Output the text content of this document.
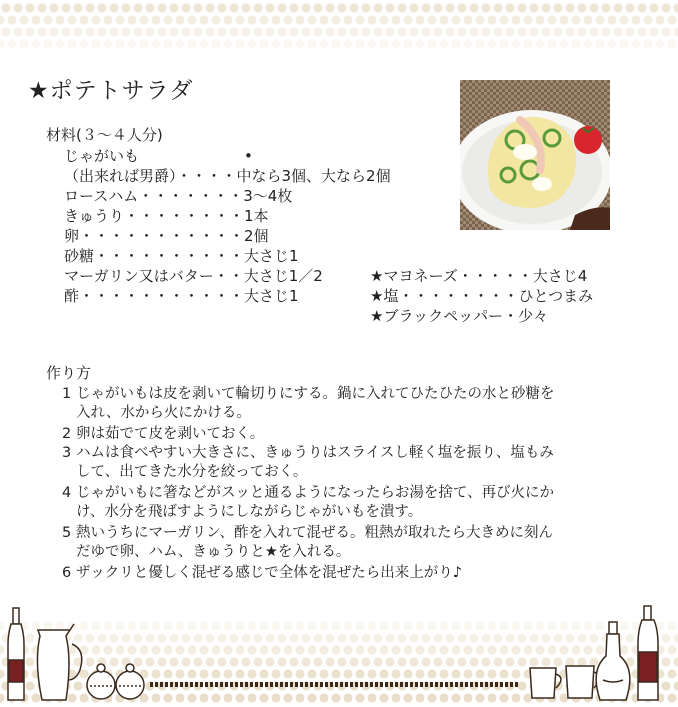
★ポテトサラダ
材料(３～４人分)
じゃがいも　　　　　　　•
（出来れば男爵）・・・・中なら3個、大なら2個
ロースハム・・・・・・・3～4枚
きゅうり・・・・・・・・1本
卵・・・・・・・・・・・2個
砂糖・・・・・・・・・・大さじ1
マーガリン又はバター・・大さじ1／2
酢・・・・・・・・・・・大さじ1
★マヨネーズ・・・・・大さじ4
★塩・・・・・・・・ひとつまみ
★ブラックペッパー・少々
作り方
1 じゃがいもは皮を剥いて輪切りにする。鍋に入れてひたひたの水と砂糖を
入れ、水から火にかける。
2 卵は茹でて皮を剥いておく。
3 ハムは食べやすい大きさに、きゅうりはスライスし軽く塩を振り、塩もみ
して、出てきた水分を絞っておく。
4 じゃがいもに箸などがスッと通るようになったらお湯を捨て、再び火にか
け、水分を飛ばすようにしながらじゃがいもを潰す。
5 熱いうちにマーガリン、酢を入れて混ぜる。粗熱が取れたら大きめに刻ん
だゆで卵、ハム、きゅうりと★を入れる。
6 ザックリと優しく混ぜる感じで全体を混ぜたら出来上がり♪
